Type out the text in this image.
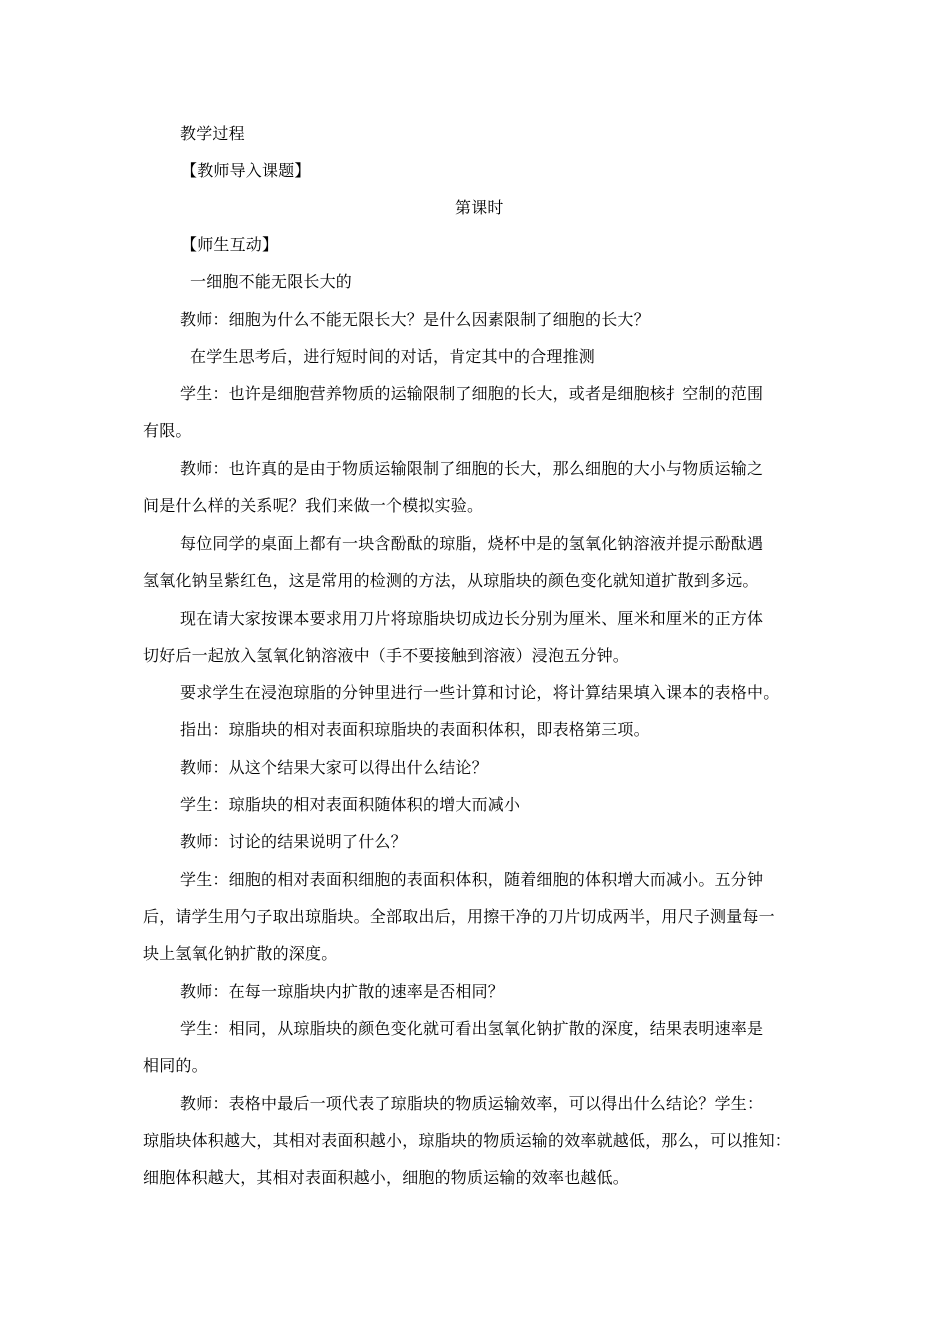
教学过程
【教师导入课题】
第课时
【师生互动】
一细胞不能无限长大的
教师：细胞为什么不能无限长大？是什么因素限制了细胞的长大？
在学生思考后，进行短时间的对话，肯定其中的合理推测
学生：也许是细胞营养物质的运输限制了细胞的长大，或者是细胞核扌空制的范围
有限。
教师：也许真的是由于物质运输限制了细胞的长大，那么细胞的大小与物质运输之
间是什么样的关系呢？我们来做一个模拟实验。
每位同学的桌面上都有一块含酚酞的琼脂，烧杯中是的氢氧化钠溶液并提示酚酞遇
氢氧化钠呈紫红色，这是常用的检测的方法，从琼脂块的颜色变化就知道扩散到多远。
现在请大家按课本要求用刀片将琼脂块切成边长分别为厘米、厘米和厘米的正方体
切好后一起放入氢氧化钠溶液中（手不要接触到溶液）浸泡五分钟。
要求学生在浸泡琼脂的分钟里进行一些计算和讨论，将计算结果填入课本的表格中。
指出：琼脂块的相对表面积琼脂块的表面积体积，即表格第三项。
教师：从这个结果大家可以得出什么结论？
学生：琼脂块的相对表面积随体积的增大而减小
教师：讨论的结果说明了什么？
学生：细胞的相对表面积细胞的表面积体积，随着细胞的体积增大而减小。五分钟
后，请学生用勺子取出琼脂块。全部取出后，用擦干净的刀片切成两半，用尺子测量每一
块上氢氧化钠扩散的深度。
教师：在每一琼脂块内扩散的速率是否相同？
学生：相同，从琼脂块的颜色变化就可看出氢氧化钠扩散的深度，结果表明速率是
相同的。
教师：表格中最后一项代表了琼脂块的物质运输效率，可以得出什么结论？学生：
琼脂块体积越大，其相对表面积越小，琼脂块的物质运输的效率就越低，那么，可以推知：
细胞体积越大，其相对表面积越小，细胞的物质运输的效率也越低。
